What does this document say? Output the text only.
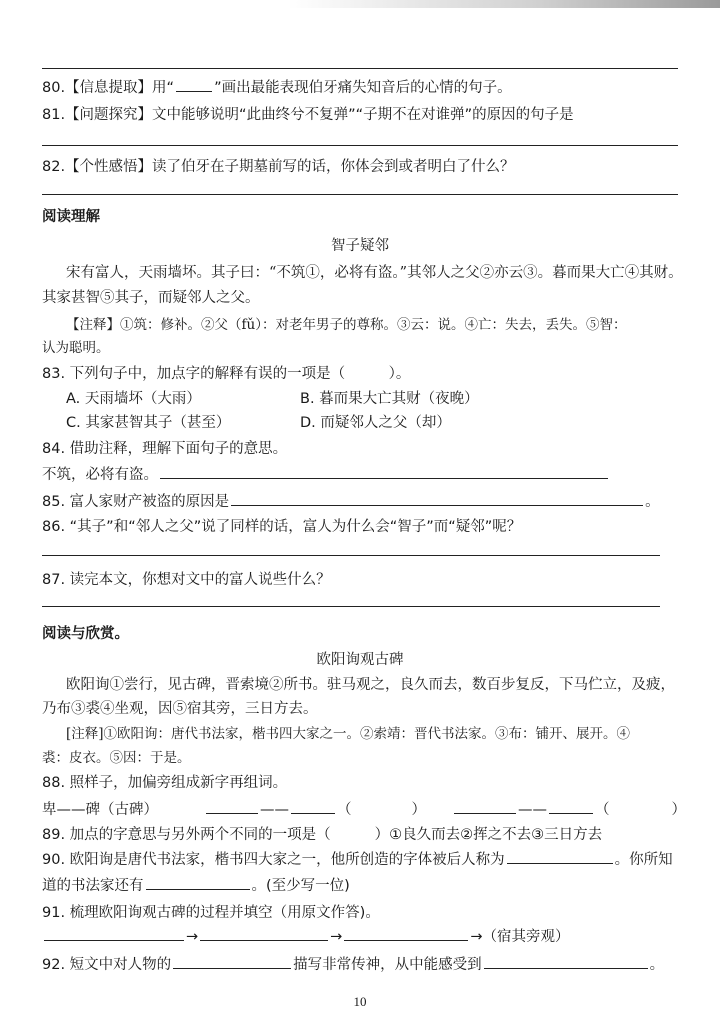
80.【信息提取】用“	”画出最能表现伯牙痛失知音后的心情的句子。
81.【问题探究】文中能够说明“此曲终兮不复弹”“子期不在对谁弹”的原因的句子是
82.【个性感悟】读了伯牙在子期墓前写的话，你体会到或者明白了什么？
阅读理解
智子疑邻
宋有富人，天雨墙坏。其子曰：“不筑①，必将有盗。”其邻人之父②亦云③。暮而果大亡④其财。
其家甚智⑤其子，而疑邻人之父。
【注释】①筑：修补。②父（fǔ）：对老年男子的尊称。③云：说。④亡：失去，丢失。⑤智：
认为聪明。
83. 下列句子中，加点字的解释有误的一项是（　　　）。
A. 天雨墙坏（大雨）	B. 暮而果大亡其财（夜晚）
C. 其家甚智其子（甚至）	D. 而疑邻人之父（却）
84. 借助注释，理解下面句子的意思。
不筑，必将有盗。
85. 富人家财产被盗的原因是	。
86. “其子”和“邻人之父”说了同样的话，富人为什么会“智子”而“疑邻”呢？
87. 读完本文，你想对文中的富人说些什么？
阅读与欣赏。
欧阳询观古碑
欧阳询①尝行，见古碑，晋索境②所书。驻马观之，良久而去，数百步复反，下马伫立，及疲，
乃布③裘④坐观，因⑤宿其旁，三日方去。
[注释]①欧阳询：唐代书法家，楷书四大家之一。②索靖：晋代书法家。③布：铺开、展开。④
裘：皮衣。⑤因：于是。
88. 照样子，加偏旁组成新字再组词。
卑——碑（古碑）	——	（	）	——	（	）
89. 加点的字意思与另外两个不同的一项是（	）①良久而去②挥之不去③三日方去
90. 欧阳询是唐代书法家，楷书四大家之一，他所创造的字体被后人称为	。你所知
道的书法家还有	。(至少写一位)
91. 梳理欧阳询观古碑的过程并填空（用原文作答)。
→	→	→（宿其旁观）
92. 短文中对人物的	描写非常传神，从中能感受到	。
10
